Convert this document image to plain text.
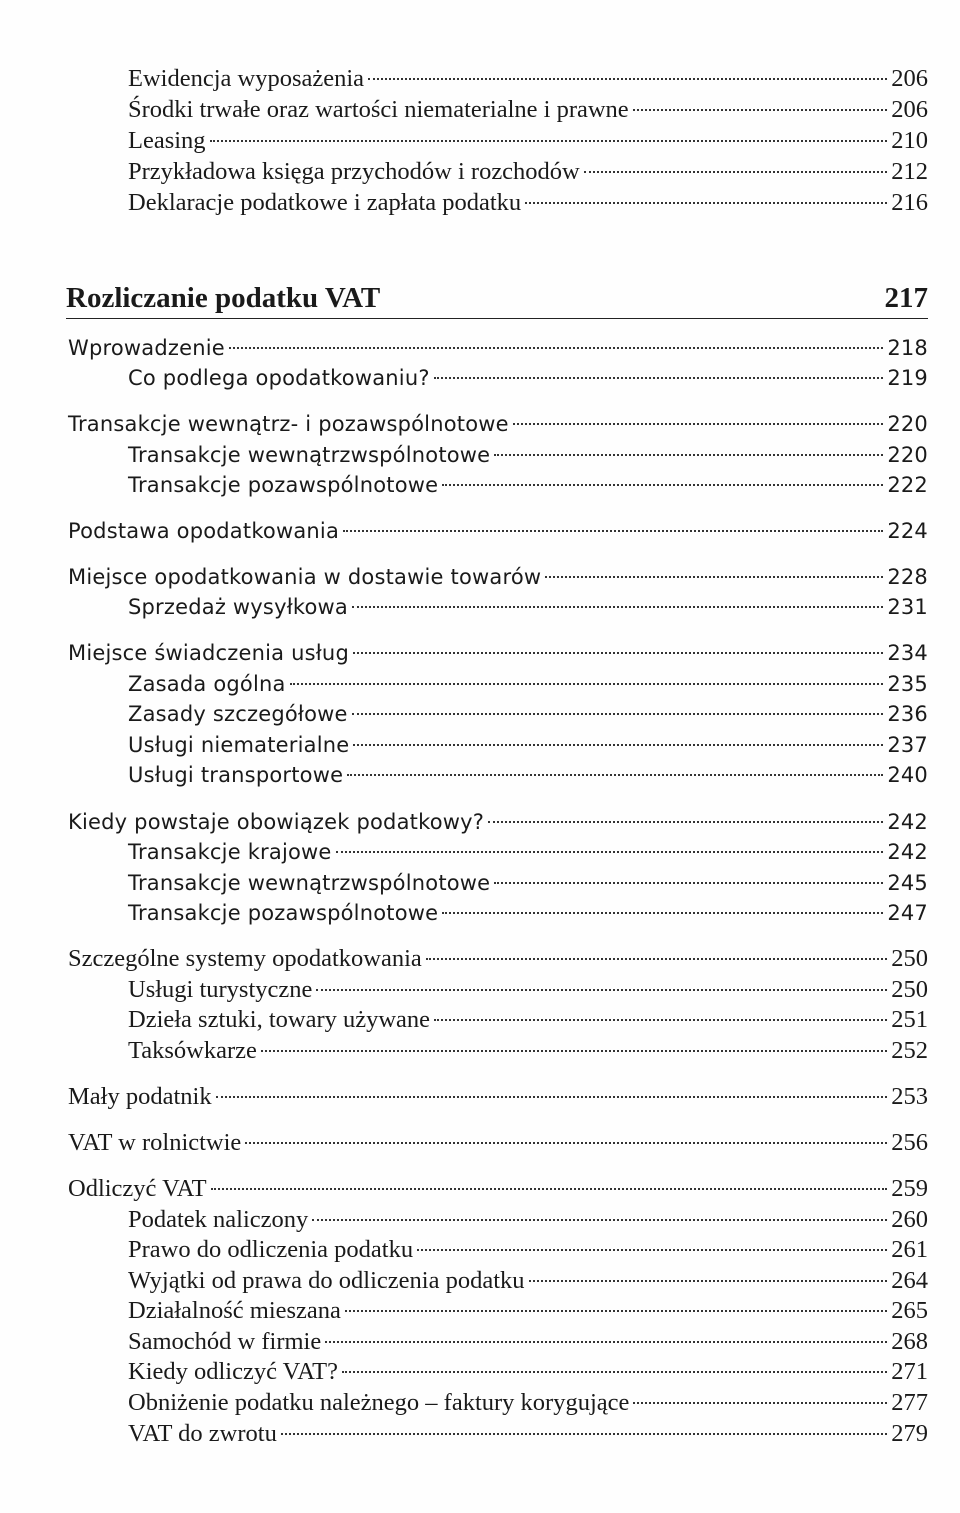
Ewidencja wyposażenia	206
Środki trwałe oraz wartości niematerialne i prawne	206
Leasing	210
Przykładowa księga przychodów i rozchodów	212
Deklaracje podatkowe i zapłata podatku	216
Rozliczanie podatku VAT	217
Wprowadzenie	218
Co podlega opodatkowaniu?	219
Transakcje wewnątrz- i pozawspólnotowe	220
Transakcje wewnątrzwspólnotowe	220
Transakcje pozawspólnotowe	222
Podstawa opodatkowania	224
Miejsce opodatkowania w dostawie towarów	228
Sprzedaż wysyłkowa	231
Miejsce świadczenia usług	234
Zasada ogólna	235
Zasady szczegółowe	236
Usługi niematerialne	237
Usługi transportowe	240
Kiedy powstaje obowiązek podatkowy?	242
Transakcje krajowe	242
Transakcje wewnątrzwspólnotowe	245
Transakcje pozawspólnotowe	247
Szczególne systemy opodatkowania	250
Usługi turystyczne	250
Dzieła sztuki, towary używane	251
Taksówkarze	252
Mały podatnik	253
VAT w rolnictwie	256
Odliczyć VAT	259
Podatek naliczony	260
Prawo do odliczenia podatku	261
Wyjątki od prawa do odliczenia podatku	264
Działalność mieszana	265
Samochód w firmie	268
Kiedy odliczyć VAT?	271
Obniżenie podatku należnego – faktury korygujące	277
VAT do zwrotu	279
